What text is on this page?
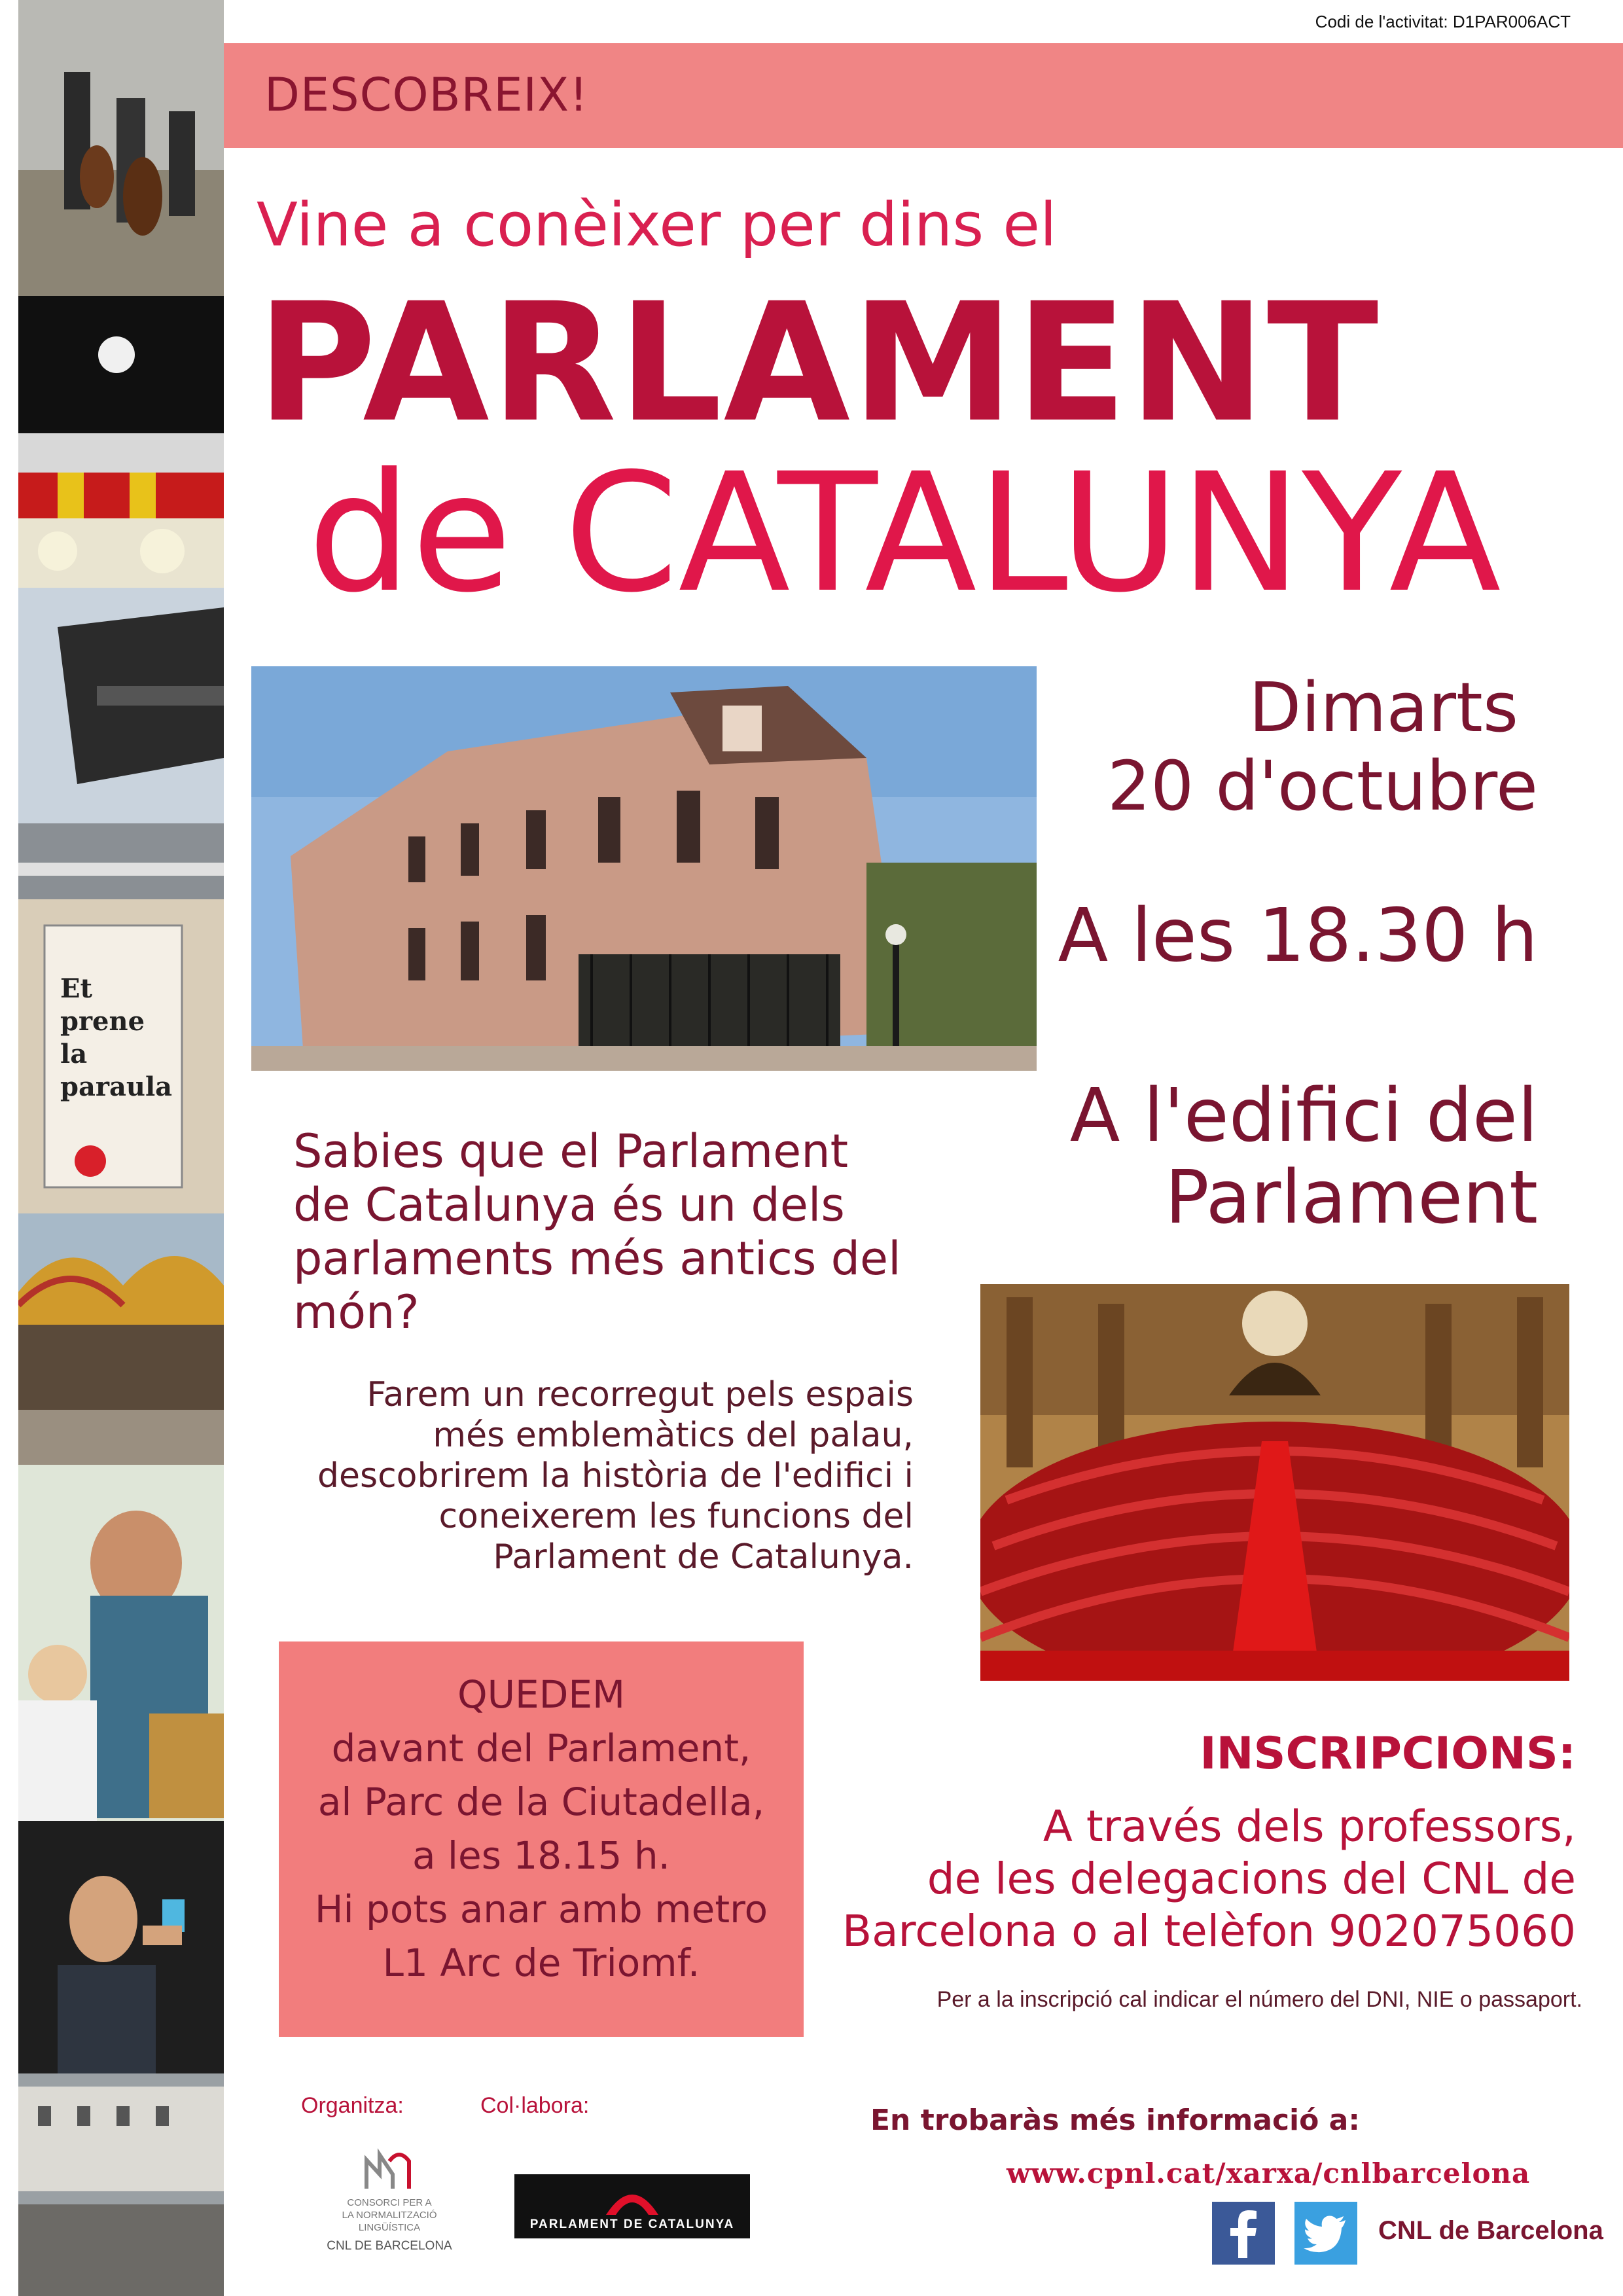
Et
prene
la
paraula
Codi de l'activitat: D1PAR006ACT
DESCOBREIX!
Vine a conèixer per dins el
PARLAMENT
de CATALUNYA
Dimarts
20 d'octubre
A les 18.30 h
A l'edifici del
Parlament
Sabies que el Parlament
de Catalunya és un dels
parlaments més antics del
món?
Farem un recorregut pels espais
més emblemàtics del palau,
descobrirem la història de l'edifici i
coneixerem les funcions del
Parlament de Catalunya.
QUEDEM
davant del Parlament,
al Parc de la Ciutadella,
a les 18.15 h.
Hi pots anar amb metro
L1 Arc de Triomf.
INSCRIPCIONS:
A través dels professors,
de les delegacions del CNL de
Barcelona o al telèfon 902075060
Per a la inscripció cal indicar el número del DNI, NIE o passaport.
Organitza:	Col·labora:
CONSORCI PER A
LA NORMALITZACIÓ
LINGÜÍSTICA
CNL DE BARCELONA
PARLAMENT DE CATALUNYA
En trobaràs més informació a:
www.cpnl.cat/xarxa/cnlbarcelona
CNL de Barcelona
